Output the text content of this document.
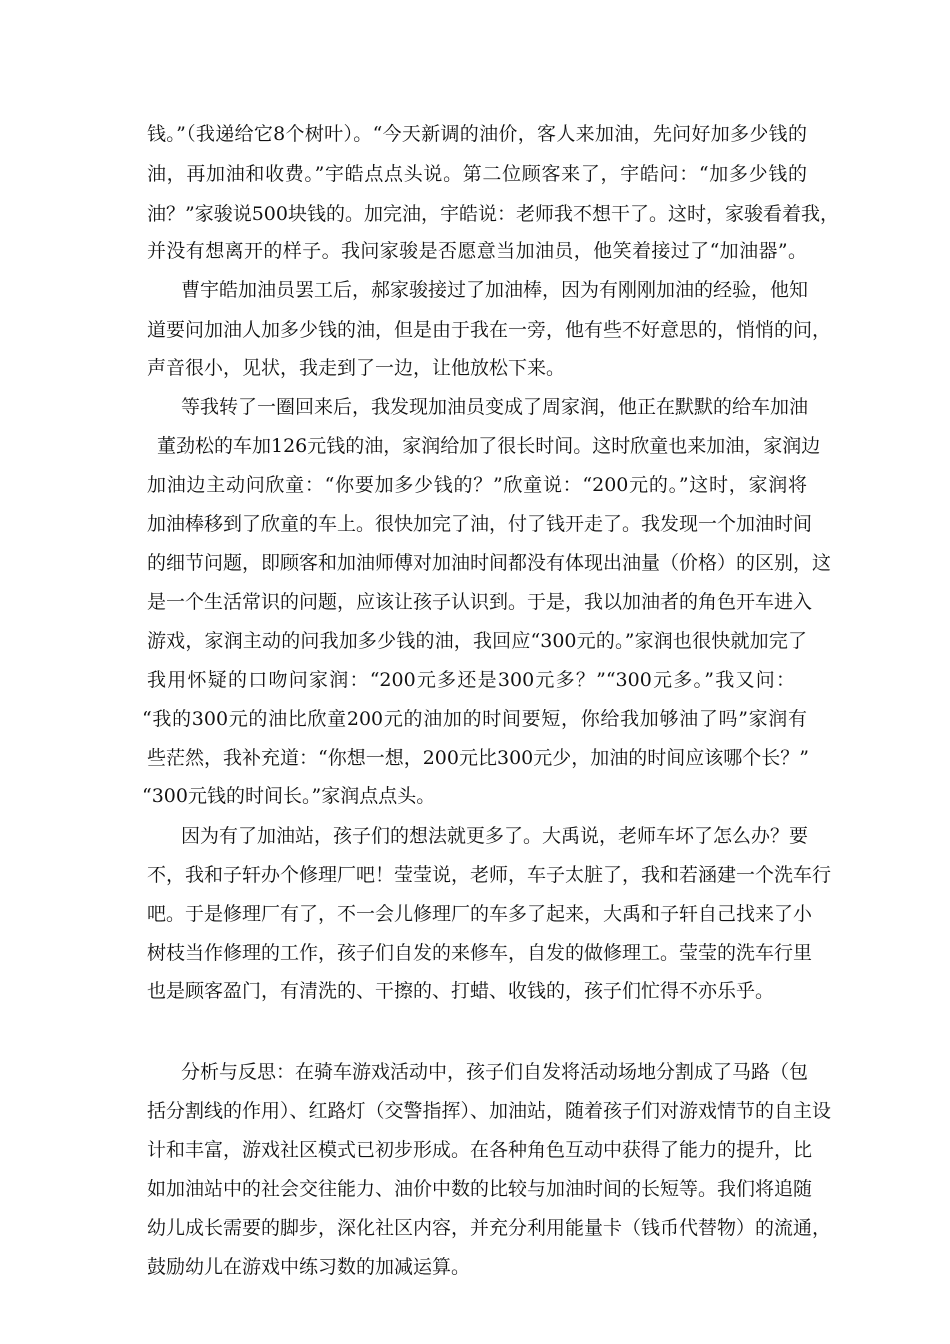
钱。”（我递给它8个树叶）。“今天新调的油价，客人来加油，先问好加多少钱的
油，再加油和收费。”宇皓点点头说。第二位顾客来了，宇皓问：“加多少钱的
油？”家骏说500块钱的。加完油，宇皓说：老师我不想干了。这时，家骏看着我，
并没有想离开的样子。我问家骏是否愿意当加油员，他笑着接过了“加油器”。
曹宇皓加油员罢工后，郝家骏接过了加油棒，因为有刚刚加油的经验，他知
道要问加油人加多少钱的油，但是由于我在一旁，他有些不好意思的，悄悄的问，
声音很小，见状，我走到了一边，让他放松下来。
等我转了一圈回来后，我发现加油员变成了周家润，他正在默默的给车加油
董劲松的车加126元钱的油，家润给加了很长时间。这时欣童也来加油，家润边
加油边主动问欣童：“你要加多少钱的？”欣童说：“200元的。”这时，家润将
加油棒移到了欣童的车上。很快加完了油，付了钱开走了。我发现一个加油时间
的细节问题，即顾客和加油师傅对加油时间都没有体现出油量（价格）的区别，这
是一个生活常识的问题，应该让孩子认识到。于是，我以加油者的角色开车进入
游戏，家润主动的问我加多少钱的油，我回应“300元的。”家润也很快就加完了
我用怀疑的口吻问家润：“200元多还是300元多？”“300元多。”我又问：
“我的300元的油比欣童200元的油加的时间要短，你给我加够油了吗”家润有
些茫然，我补充道：“你想一想，200元比300元少，加油的时间应该哪个长？”
“300元钱的时间长。”家润点点头。
因为有了加油站，孩子们的想法就更多了。大禹说，老师车坏了怎么办？要
不，我和子轩办个修理厂吧！莹莹说，老师，车子太脏了，我和若涵建一个洗车行
吧。于是修理厂有了，不一会儿修理厂的车多了起来，大禹和子轩自己找来了小
树枝当作修理的工作，孩子们自发的来修车，自发的做修理工。莹莹的洗车行里
也是顾客盈门，有清洗的、干擦的、打蜡、收钱的，孩子们忙得不亦乐乎。
分析与反思：在骑车游戏活动中，孩子们自发将活动场地分割成了马路（包
括分割线的作用）、红路灯（交警指挥）、加油站，随着孩子们对游戏情节的自主设
计和丰富，游戏社区模式已初步形成。在各种角色互动中获得了能力的提升，比
如加油站中的社会交往能力、油价中数的比较与加油时间的长短等。我们将追随
幼儿成长需要的脚步，深化社区内容，并充分利用能量卡（钱币代替物）的流通，
鼓励幼儿在游戏中练习数的加减运算。
